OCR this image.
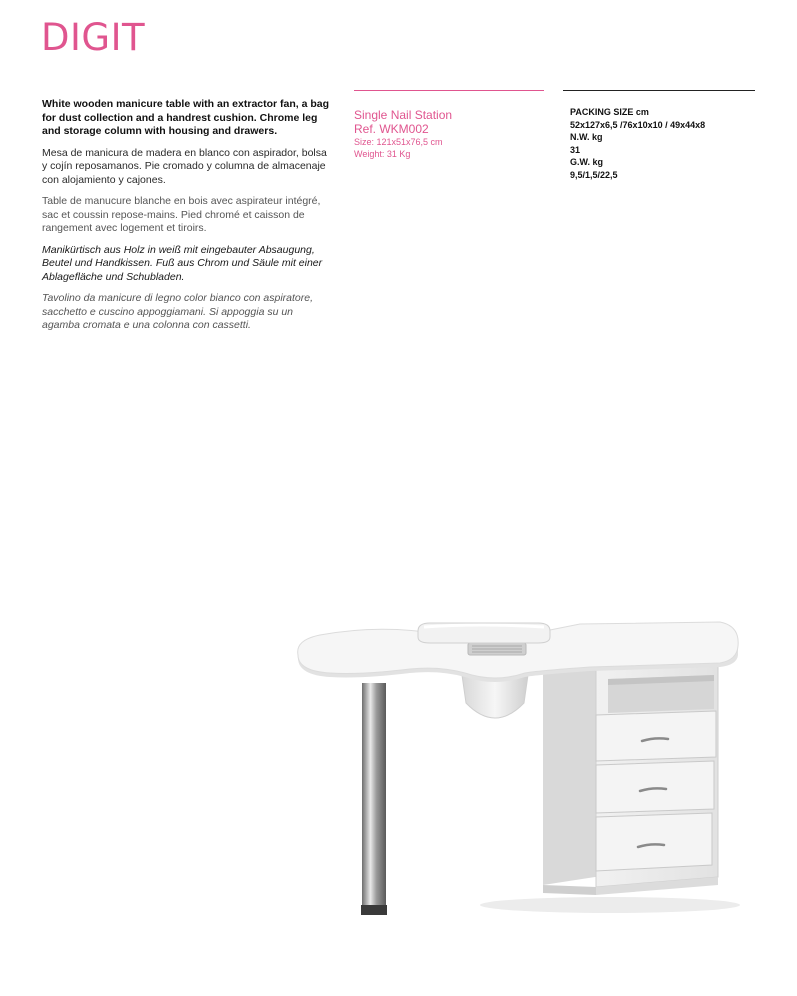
DIGIT

White wooden manicure table with an extractor fan, a bag for dust collection and a handrest cushion. Chrome leg and storage column with housing and drawers.

Mesa de manicura de madera en blanco con aspirador, bolsa y cojín reposamanos. Pie cromado y columna de almacenaje con alojamiento y cajones.

Table de manucure blanche en bois avec aspirateur intégré, sac et coussin repose-mains. Pied chromé et caisson de rangement avec logement et tiroirs.

Manikürtisch aus Holz in weiß mit eingebauter Absaugung, Beutel und Handkissen. Fuß aus Chrom und Säule mit einer Ablagefläche und Schubladen.

Tavolino da manicure di legno color bianco con aspiratore, sacchetto e cuscino appoggiamani. Si appoggia su un agamba cromata e una colonna con cassetti.

Single Nail Station
Ref. WKM002
Size: 121x51x76,5 cm
Weight: 31 Kg
PACKING SIZE cm
52x127x6,5 /76x10x10 / 49x44x8
N.W. kg
31
G.W. kg
9,5/1,5/22,5
